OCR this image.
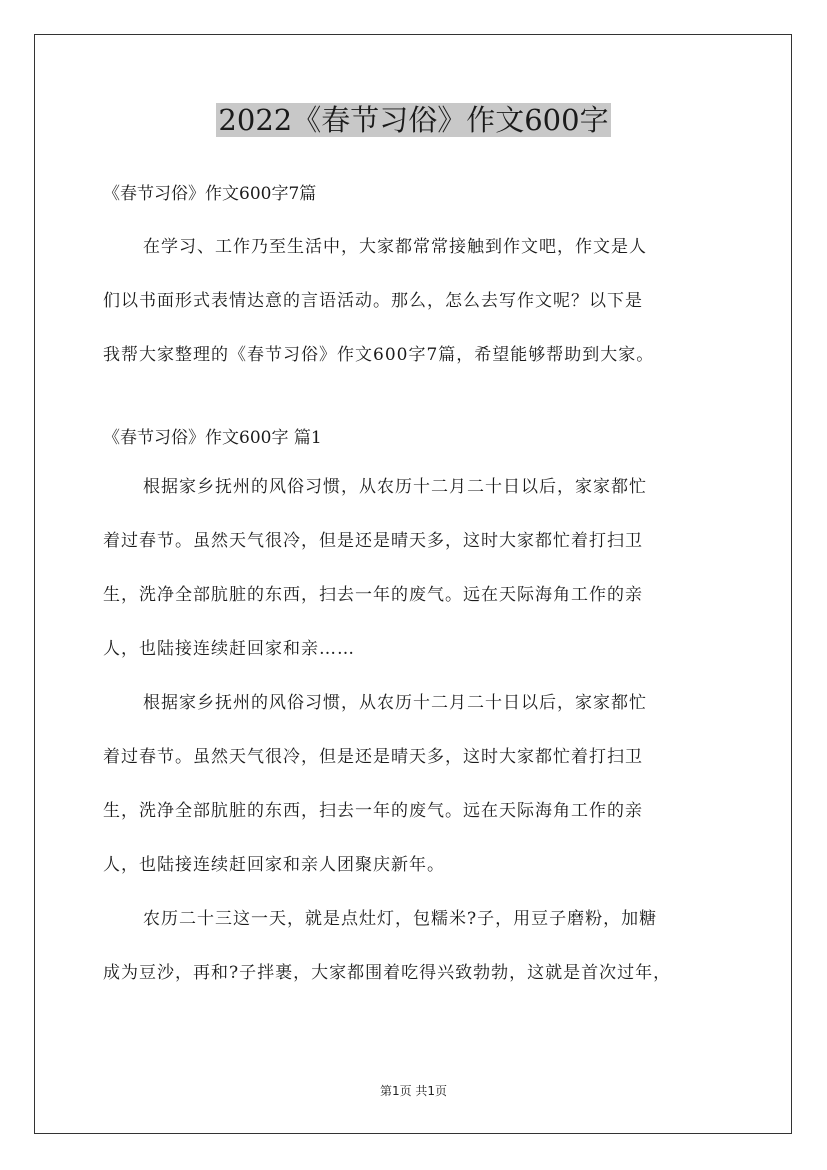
2022《春节习俗》作文600字
《春节习俗》作文600字7篇
在学习、工作乃至生活中，大家都常常接触到作文吧，作文是人
们以书面形式表情达意的言语活动。那么，怎么去写作文呢？以下是
我帮大家整理的《春节习俗》作文600字7篇，希望能够帮助到大家。
《春节习俗》作文600字 篇1
根据家乡抚州的风俗习惯，从农历十二月二十日以后，家家都忙
着过春节。虽然天气很冷，但是还是晴天多，这时大家都忙着打扫卫
生，洗净全部肮脏的东西，扫去一年的废气。远在天际海角工作的亲
人，也陆接连续赶回家和亲……
根据家乡抚州的风俗习惯，从农历十二月二十日以后，家家都忙
着过春节。虽然天气很冷，但是还是晴天多，这时大家都忙着打扫卫
生，洗净全部肮脏的东西，扫去一年的废气。远在天际海角工作的亲
人，也陆接连续赶回家和亲人团聚庆新年。
农历二十三这一天，就是点灶灯，包糯米?子，用豆子磨粉，加糖
成为豆沙，再和?子拌裹，大家都围着吃得兴致勃勃，这就是首次过年，
第1页 共1页
